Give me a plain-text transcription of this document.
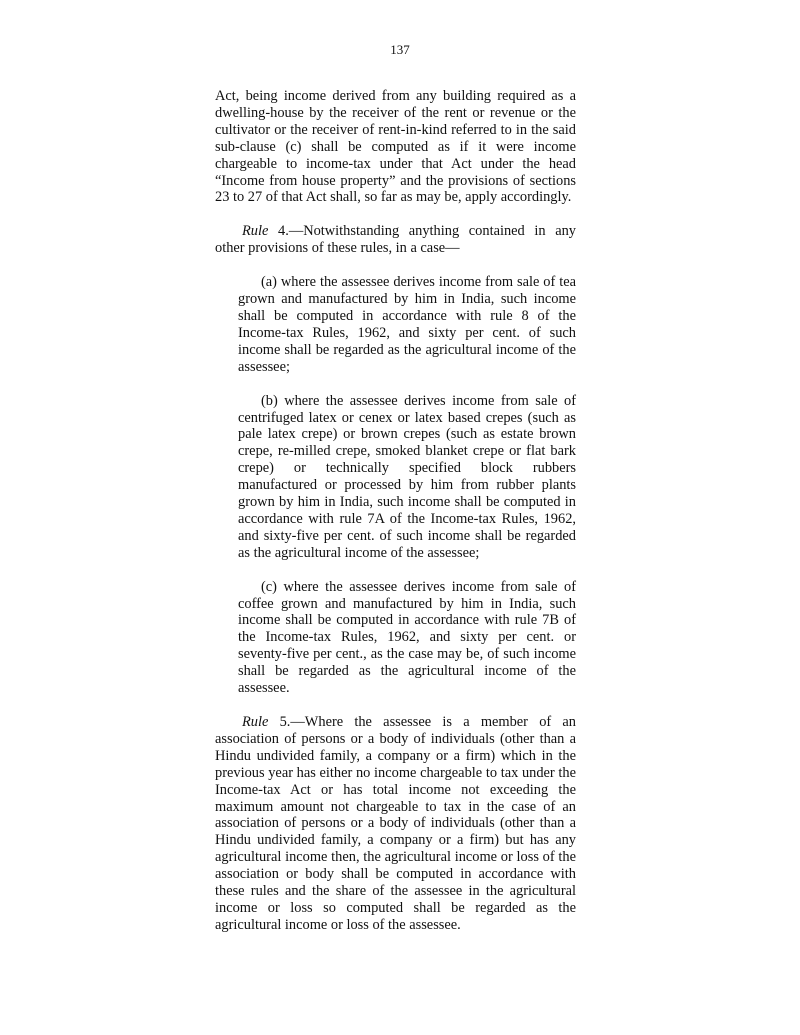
137

Act, being income derived from any building required as a dwelling-house by the receiver of the rent or revenue or the cultivator or the receiver of rent-in-kind referred to in the said sub-clause (c) shall be computed as if it were income chargeable to income-tax under that Act under the head “Income from house property” and the provisions of sections 23 to 27 of that Act shall, so far as may be, apply accordingly.

Rule 4.—Notwithstanding anything contained in any other provisions of these rules, in a case—

(a) where the assessee derives income from sale of tea grown and manufactured by him in India, such income shall be computed in accordance with rule 8 of the Income-tax Rules, 1962, and sixty per cent. of such income shall be regarded as the agricultural income of the assessee;

(b) where the assessee derives income from sale of centrifuged latex or cenex or latex based crepes (such as pale latex crepe) or brown crepes (such as estate brown crepe, re-milled crepe, smoked blanket crepe or flat bark crepe) or technically specified block rubbers manufactured or processed by him from rubber plants grown by him in India, such income shall be computed in accordance with rule 7A of the Income-tax Rules, 1962, and sixty-five per cent. of such income shall be regarded as the agricultural income of the assessee;

(c) where the assessee derives income from sale of coffee grown and manufactured by him in India, such income shall be computed in accordance with rule 7B of the Income-tax Rules, 1962, and sixty per cent. or seventy-five per cent., as the case may be, of such income shall be regarded as the agricultural income of the assessee.

Rule 5.—Where the assessee is a member of an association of persons or a body of individuals (other than a Hindu undivided family, a company or a firm) which in the previous year has either no income chargeable to tax under the Income-tax Act or has total income not exceeding the maximum amount not chargeable to tax in the case of an association of persons or a body of individuals (other than a Hindu undivided family, a company or a firm) but has any agricultural income then, the agricultural income or loss of the association or body shall be computed in accordance with these rules and the share of the assessee in the agricultural income or loss so computed shall be regarded as the agricultural income or loss of the assessee.
